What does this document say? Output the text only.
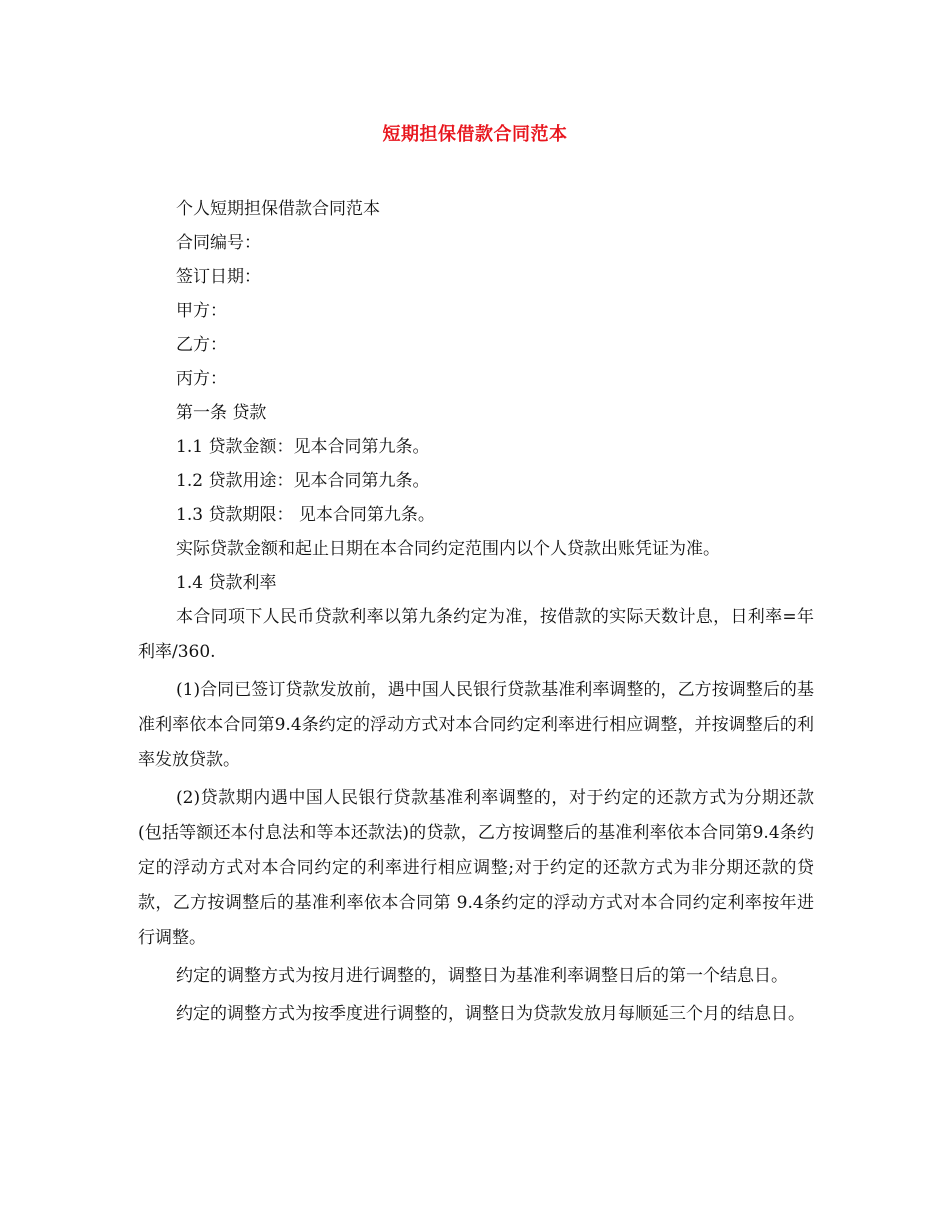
短期担保借款合同范本

个人短期担保借款合同范本

合同编号：

签订日期：

甲方：

乙方：

丙方：

第一条 贷款

1.1 贷款金额：见本合同第九条。

1.2 贷款用途：见本合同第九条。

1.3 贷款期限： 见本合同第九条。

实际贷款金额和起止日期在本合同约定范围内以个人贷款出账凭证为准。

1.4 贷款利率

本合同项下人民币贷款利率以第九条约定为准，按借款的实际天数计息，日利率=年利率/360.

(1)合同已签订贷款发放前，遇中国人民银行贷款基准利率调整的，乙方按调整后的基准利率依本合同第9.4条约定的浮动方式对本合同约定利率进行相应调整，并按调整后的利率发放贷款。

(2)贷款期内遇中国人民银行贷款基准利率调整的，对于约定的还款方式为分期还款(包括等额还本付息法和等本还款法)的贷款，乙方按调整后的基准利率依本合同第9.4条约定的浮动方式对本合同约定的利率进行相应调整;对于约定的还款方式为非分期还款的贷款，乙方按调整后的基准利率依本合同第 9.4条约定的浮动方式对本合同约定利率按年进行调整。

约定的调整方式为按月进行调整的，调整日为基准利率调整日后的第一个结息日。

约定的调整方式为按季度进行调整的，调整日为贷款发放月每顺延三个月的结息日。
